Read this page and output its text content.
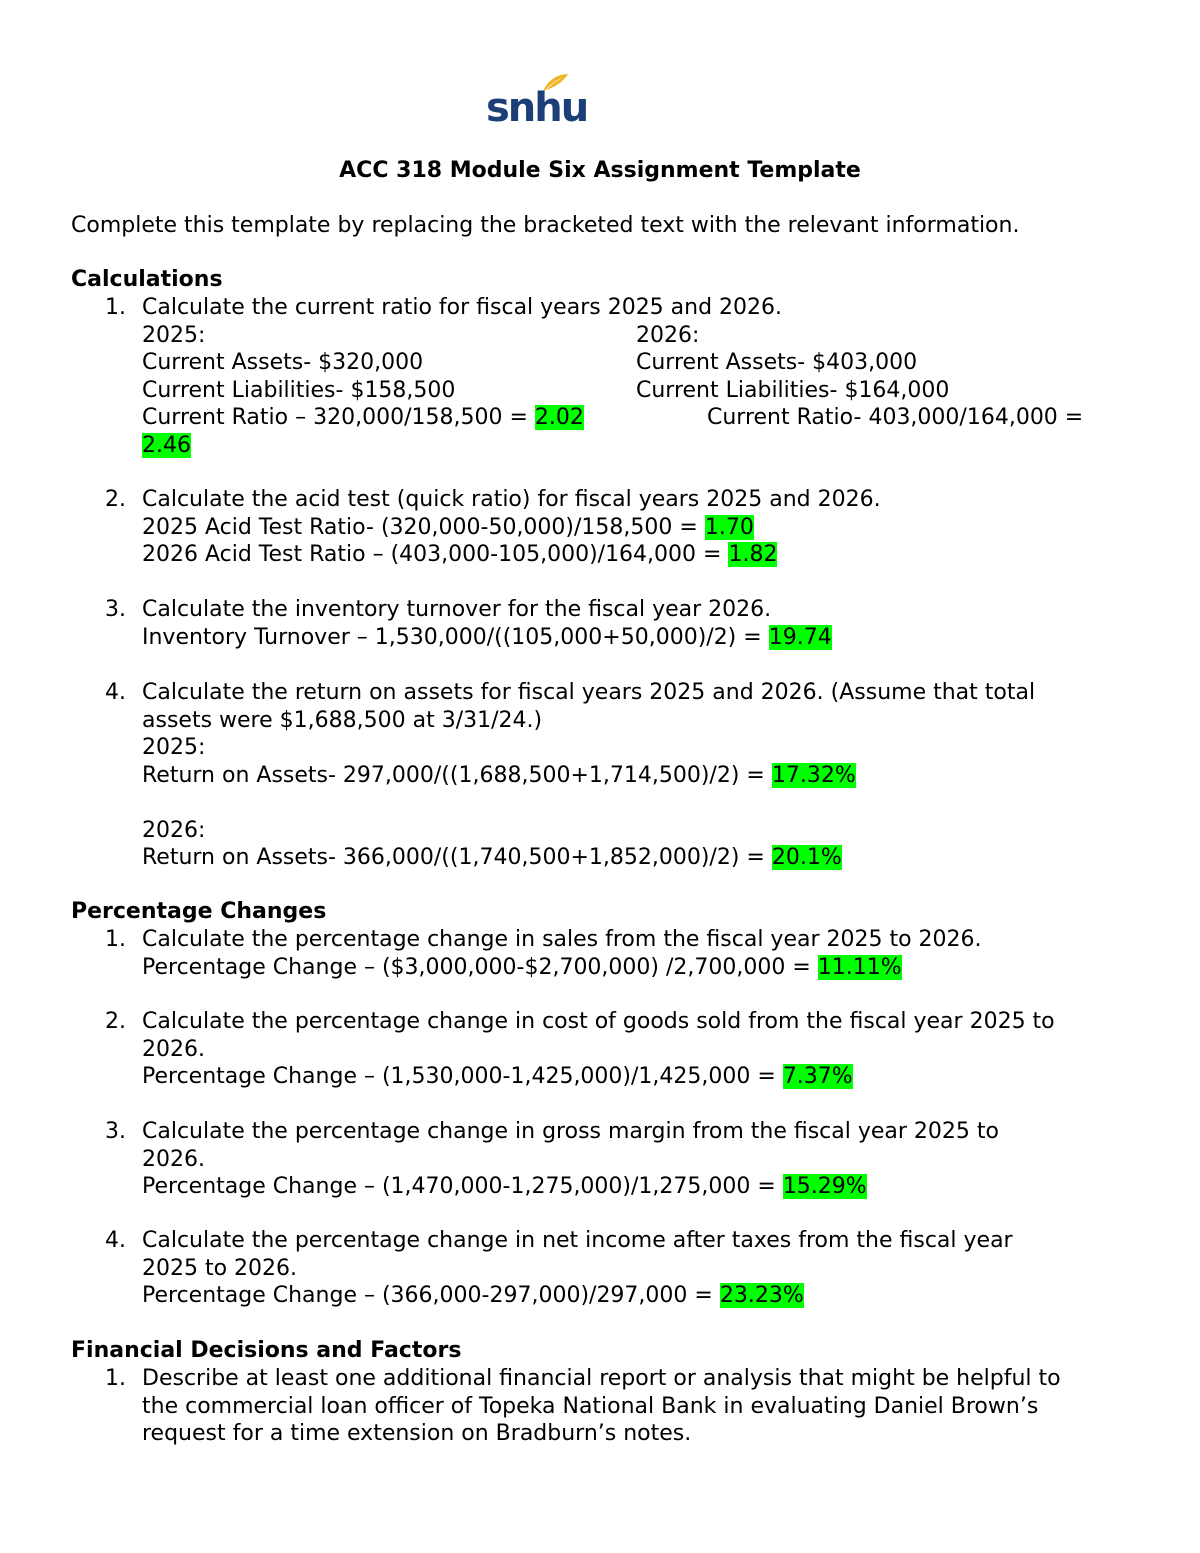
snhu
ACC 318 Module Six Assignment Template
Complete this template by replacing the bracketed text with the relevant information.
Calculations
1. Calculate the current ratio for fiscal years 2025 and 2026.
2025:
Current Assets- $320,000
Current Liabilities- $158,500
Current Ratio – 320,000/158,500 = 2.02
2.46
2026:
Current Assets- $403,000
Current Liabilities- $164,000
Current Ratio- 403,000/164,000 =
2. Calculate the acid test (quick ratio) for fiscal years 2025 and 2026.
2025 Acid Test Ratio- (320,000-50,000)/158,500 = 1.70
2026 Acid Test Ratio – (403,000-105,000)/164,000 = 1.82
3. Calculate the inventory turnover for the fiscal year 2026.
Inventory Turnover – 1,530,000/((105,000+50,000)/2) = 19.74
4. Calculate the return on assets for fiscal years 2025 and 2026. (Assume that total
assets were $1,688,500 at 3/31/24.)
2025:
Return on Assets- 297,000/((1,688,500+1,714,500)/2) = 17.32%

2026:
Return on Assets- 366,000/((1,740,500+1,852,000)/2) = 20.1%
Percentage Changes
1. Calculate the percentage change in sales from the fiscal year 2025 to 2026.
Percentage Change – ($3,000,000-$2,700,000) /2,700,000 = 11.11%
2. Calculate the percentage change in cost of goods sold from the fiscal year 2025 to
2026.
Percentage Change – (1,530,000-1,425,000)/1,425,000 = 7.37%
3. Calculate the percentage change in gross margin from the fiscal year 2025 to
2026.
Percentage Change – (1,470,000-1,275,000)/1,275,000 = 15.29%
4. Calculate the percentage change in net income after taxes from the fiscal year
2025 to 2026.
Percentage Change – (366,000-297,000)/297,000 = 23.23%
Financial Decisions and Factors
1. Describe at least one additional financial report or analysis that might be helpful to
the commercial loan officer of Topeka National Bank in evaluating Daniel Brown’s
request for a time extension on Bradburn’s notes.
